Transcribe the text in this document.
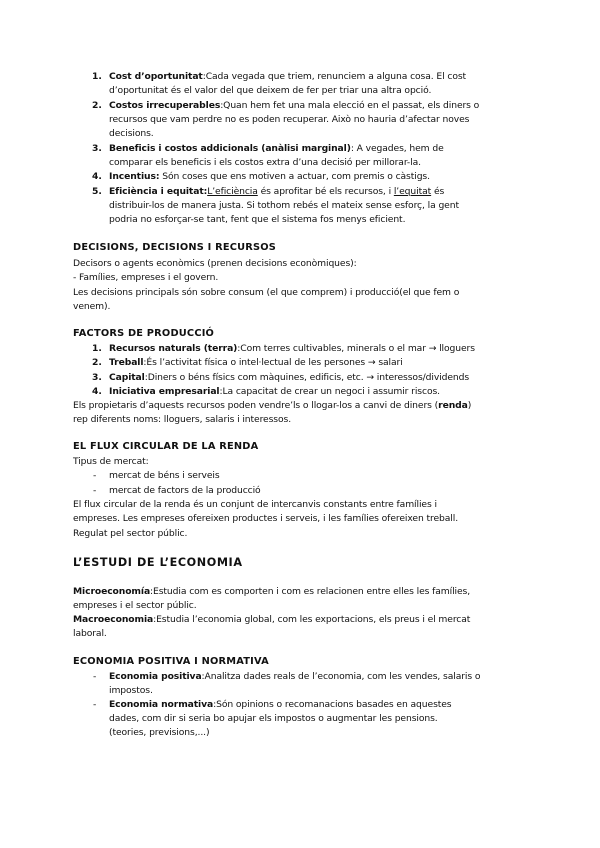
1. Cost d’oportunitat:Cada vegada que triem, renunciem a alguna cosa. El cost
d’oportunitat és el valor del que deixem de fer per triar una altra opció.
2. Costos irrecuperables:Quan hem fet una mala elecció en el passat, els diners o
recursos que vam perdre no es poden recuperar. Això no hauria d’afectar noves
decisions.
3. Beneficis i costos addicionals (anàlisi marginal): A vegades, hem de
comparar els beneficis i els costos extra d’una decisió per millorar-la.
4. Incentius: Són coses que ens motiven a actuar, com premis o càstigs.
5. Eficiència i equitat:L’eficiència és aprofitar bé els recursos, i l’equitat és
distribuir-los de manera justa. Si tothom rebés el mateix sense esforç, la gent
podria no esforçar-se tant, fent que el sistema fos menys eficient.
DECISIONS, DECISIONS I RECURSOS
Decisors o agents econòmics (prenen decisions econòmiques):
- Famílies, empreses i el govern.
Les decisions principals són sobre consum (el que comprem) i producció(el que fem o
venem).
FACTORS DE PRODUCCIÓ
1. Recursos naturals (terra):Com terres cultivables, minerals o el mar → lloguers
2. Treball:És l’activitat física o intel·lectual de les persones → salari
3. Capital:Diners o béns físics com màquines, edificis, etc. → interessos/dividends
4. Iniciativa empresarial:La capacitat de crear un negoci i assumir riscos.
Els propietaris d’aquests recursos poden vendre’ls o llogar-los a canvi de diners (renda)
rep diferents noms: lloguers, salaris i interessos.
EL FLUX CIRCULAR DE LA RENDA
Tipus de mercat:
- mercat de béns i serveis
- mercat de factors de la producció
El flux circular de la renda és un conjunt de intercanvis constants entre famílies i
empreses. Les empreses ofereixen productes i serveis, i les famílies ofereixen treball.
Regulat pel sector públic.
L’ESTUDI DE L’ECONOMIA
Microeconomía:Estudia com es comporten i com es relacionen entre elles les famílies,
empreses i el sector públic.
Macroeconomia:Estudia l’economia global, com les exportacions, els preus i el mercat
laboral.
ECONOMIA POSITIVA I NORMATIVA
- Economia positiva:Analitza dades reals de l’economia, com les vendes, salaris o
impostos.
- Economia normativa:Són opinions o recomanacions basades en aquestes
dades, com dir si seria bo apujar els impostos o augmentar les pensions.
(teories, previsions,...)
